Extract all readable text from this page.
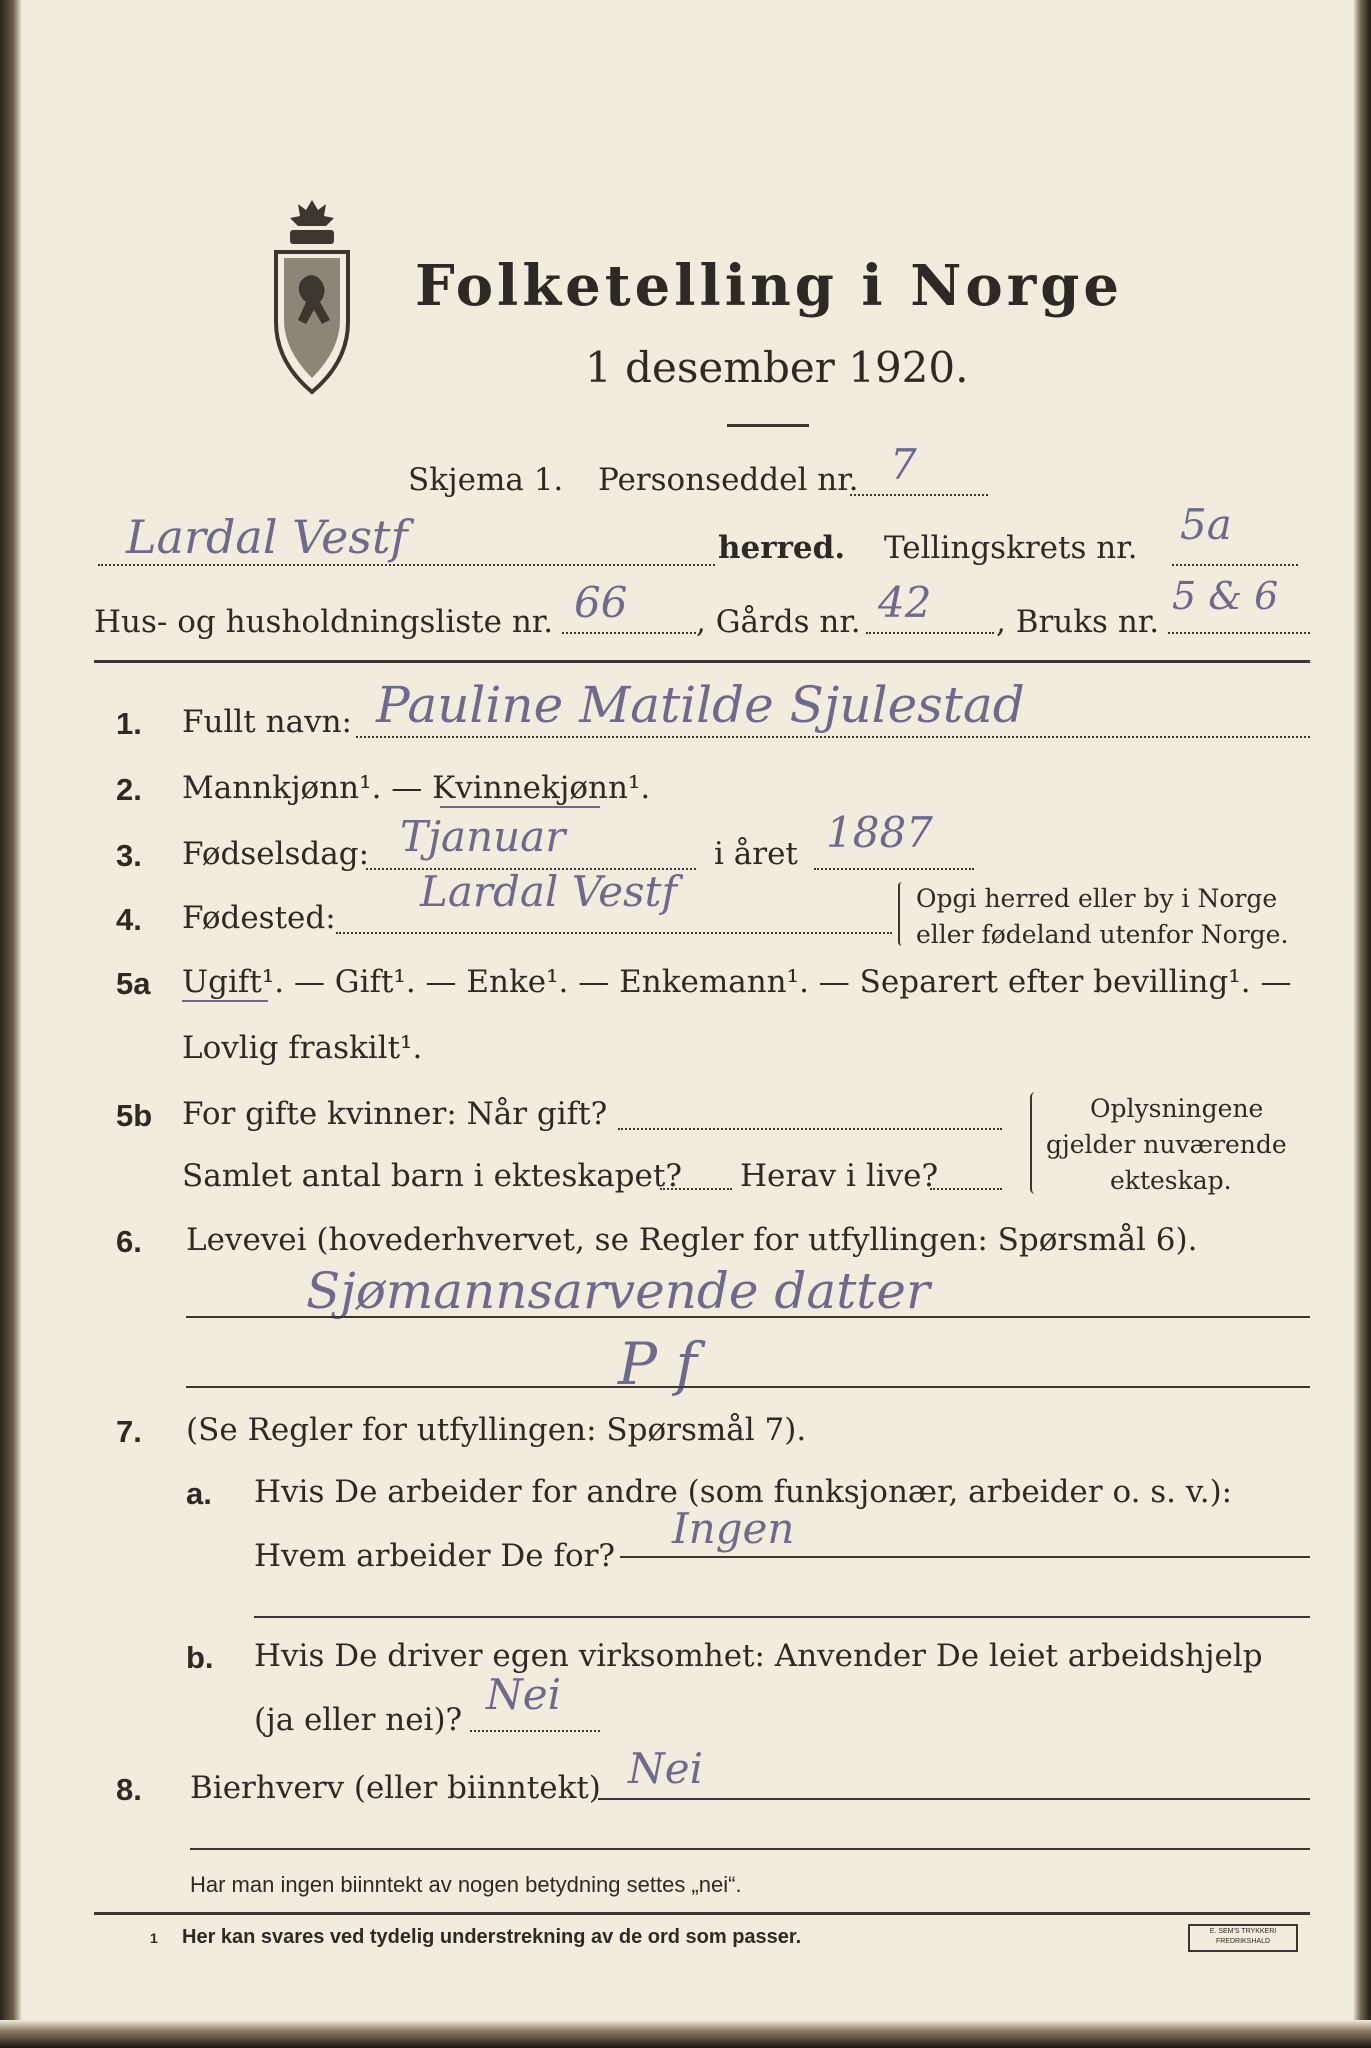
Folketelling i Norge
1 desember 1920.
Skjema 1. Personseddel nr. 7
Lardal Vestf	herred. Tellingskrets nr. 5a
Hus- og husholdningsliste nr. 66 , Gårds nr. 42 , Bruks nr.
5 & 6
1. Fullt navn: Pauline Matilde Sjulestad
2. Mannkjønn¹. — Kvinnekjønn¹.
3. Fødselsdag: Tjanuar	i året 1887
4. Fødested:
Lardal Vestf	Opgi herred eller by i Norge
eller fødeland utenfor Norge.
5a Ugift¹. — Gift¹. — Enke¹. — Enkemann¹. — Separert efter bevilling¹. —
Lovlig fraskilt¹.
5b For gifte kvinner: Når gift?
Samlet antal barn i ekteskapet? Herav i live?
Oplysningene
gjelder nuværende
ekteskap.
6. Levevei (hovederhvervet, se Regler for utfyllingen: Spørsmål 6).
Sjømannsarvende datter
P f
7. (Se Regler for utfyllingen: Spørsmål 7).
a. Hvis De arbeider for andre (som funksjonær, arbeider o. s. v.):
Hvem arbeider De for?
Ingen
b. Hvis De driver egen virksomhet: Anvender De leiet arbeidshjelp
(ja eller nei)?
Nei
8. Bierhverv (eller biinntekt) Nei
Har man ingen biinntekt av nogen betydning settes „nei“.
1 Her kan svares ved tydelig understrekning av de ord som passer.	E. SEM'S TRYKKERI FREDRIKSHALD
